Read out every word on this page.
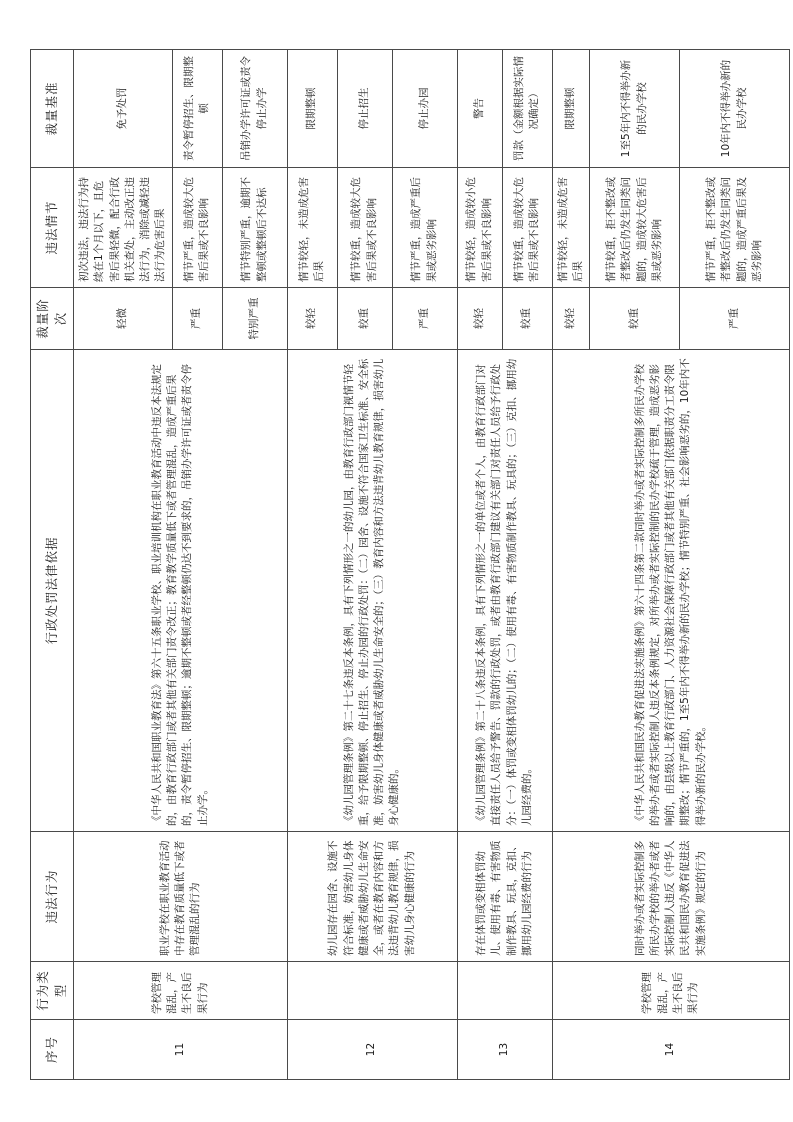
序号	行为类型	违法行为	行政处罚法律依据	裁量阶次	违法情节	裁量基准
11	学校管理混乱，产生不良后果行为	职业学校在职业教育活动中存在教育质量低下或者管理混乱的行为	《中华人民共和国职业教育法》第六十五条职业学校、职业培训机构在职业教育活动中违反本法规定的，由教育行政部门或者其他有关部门责令改正；教育教学质量低下或者管理混乱，造成严重后果的，责令暂停招生、限期整顿；逾期不整顿或者经整顿仍达不到要求的，吊销办学许可证或者责令停止办学。	轻微	初次违法，违法行为持续在1个月以下，且危害后果轻微，配合行政机关查处，主动改正违法行为，消除或减轻违法行为危害后果	免予处罚
				严重	情节严重，造成较大危害后果或不良影响	责令暂停招生、限期整顿
				特别严重	情节特别严重，逾期不整顿或整顿后不达标	吊销办学许可证或责令停止办学
12		幼儿园存在园舍、设施不符合标准，妨害幼儿身体健康或者威胁幼儿生命安全，或者在教育内容和方法违背幼儿教育规律，损害幼儿身心健康的行为	《幼儿园管理条例》第二十七条违反本条例，具有下列情形之一的幼儿园，由教育行政部门视情节轻重，给予限期整顿、停止招生、停止办园的行政处罚：（二）园舍、设施不符合国家卫生标准、安全标准，妨害幼儿身体健康或者威胁幼儿生命安全的；（三）教育内容和方法违背幼儿教育规律，损害幼儿身心健康的。	较轻	情节较轻，未造成危害后果	限期整顿
				较重	情节较重，造成较大危害后果或不良影响	停止招生
				严重	情节严重，造成严重后果或恶劣影响	停止办园
13		存在体罚或变相体罚幼儿、使用有毒、有害物质制作教具、玩具，克扣、挪用幼儿园经费的行为	《幼儿园管理条例》第二十八条违反本条例，具有下列情形之一的单位或者个人，由教育行政部门对直接责任人员给予警告、罚款的行政处罚，或者由教育行政部门建议有关部门对责任人员给予行政处分：（一）体罚或变相体罚幼儿的；（二）使用有毒、有害物质制作教具、玩具的；（三）克扣、挪用幼儿园经费的。	较轻	情节较轻，造成较小危害后果或不良影响	警告
				较重	情节较重，造成较大危害后果或不良影响	罚款（金额根据实际情况确定）
14	学校管理混乱，产生不良后果行为	同时举办或者实际控制多所民办学校的举办者或者实际控制人违反《中华人民共和国民办教育促进法实施条例》规定的行为	《中华人民共和国民办教育促进法实施条例》第六十四条第二款同时举办或者实际控制多所民办学校的举办者或者实际控制人违反本条例规定，对所举办或者实际控制的民办学校疏于管理，造成恶劣影响的，由县级以上教育行政部门、人力资源社会保障行政部门或者其他有关部门依据职责分工责令限期整改；情节严重的，1至5年内不得举办新的民办学校；情节特别严重、社会影响恶劣的，10年内不得举办新的民办学校。	较轻	情节较轻，未造成危害后果	限期整顿
				较重	情节较重，拒不整改或者整改后仍发生同类问题的，造成较大危害后果或恶劣影响	1至5年内不得举办新的民办学校
				严重	情节严重，拒不整改或者整改后仍发生同类问题的，造成严重后果及恶劣影响	10年内不得举办新的民办学校
